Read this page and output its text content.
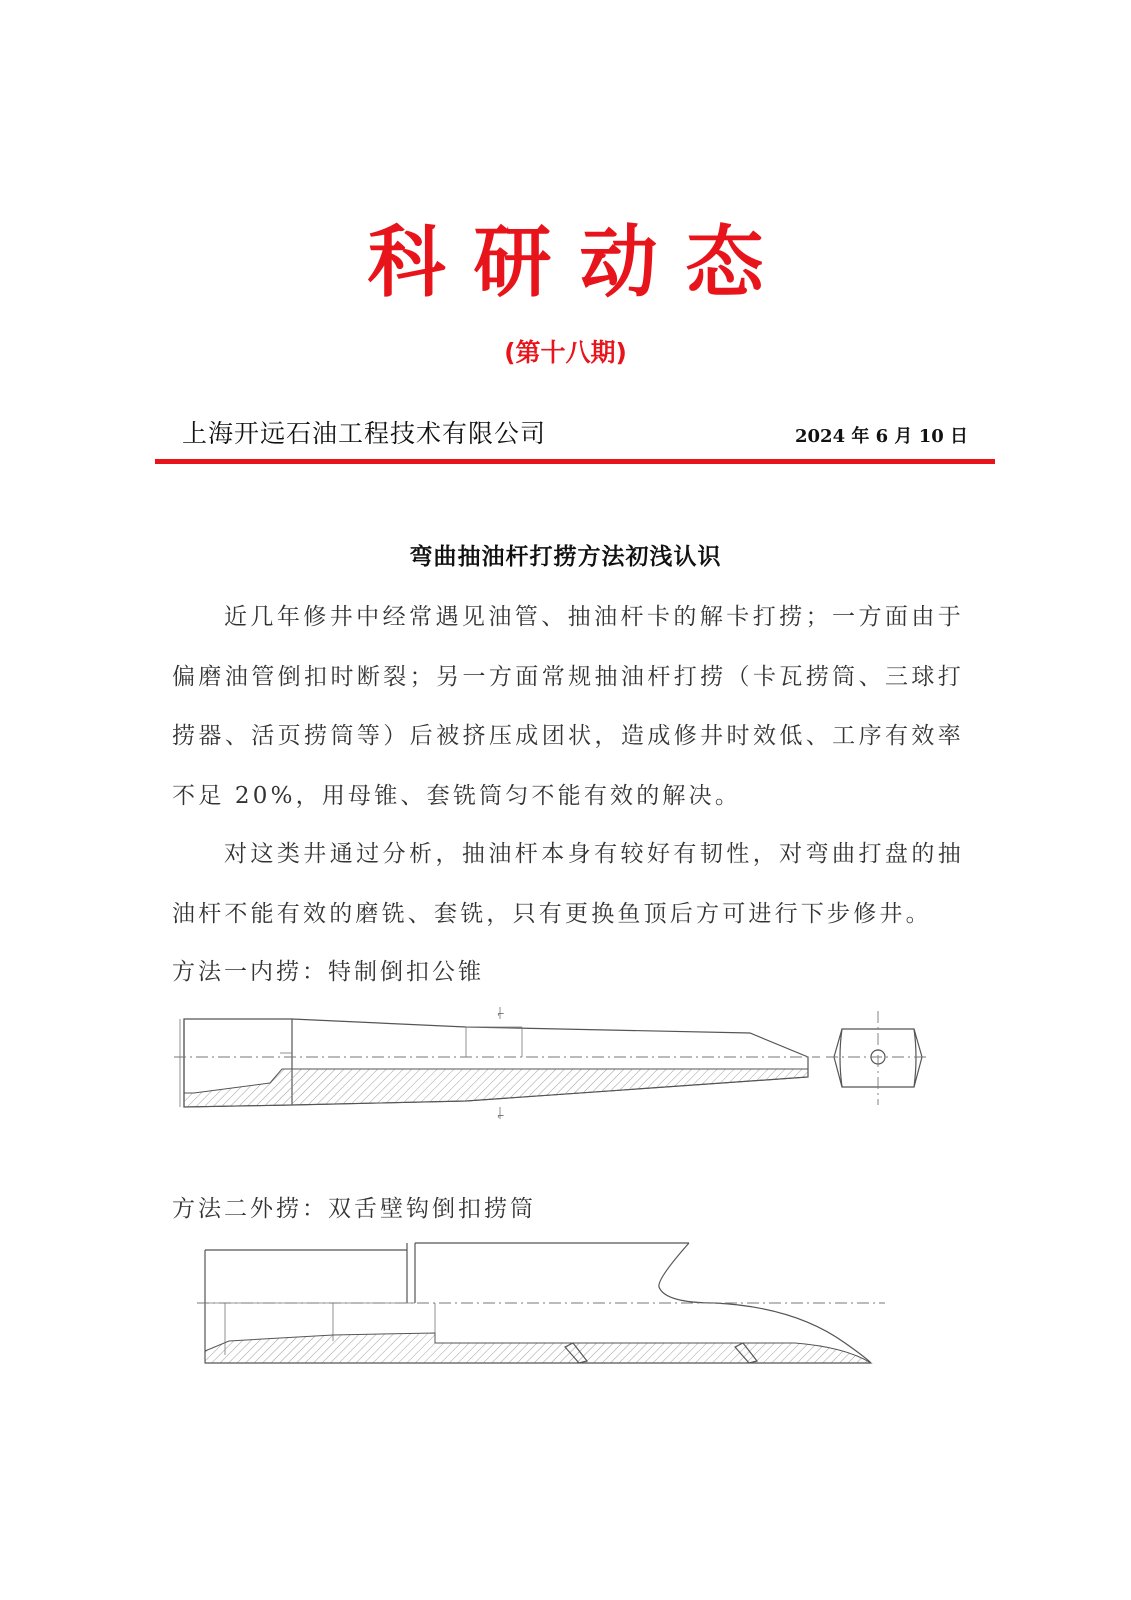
科研动态
(第十八期)
上海开远石油工程技术有限公司	2024 年 6 月 10 日
弯曲抽油杆打捞方法初浅认识

近几年修井中经常遇见油管、抽油杆卡的解卡打捞；一方面由于偏磨油管倒扣时断裂；另一方面常规抽油杆打捞（卡瓦捞筒、三球打捞器、活页捞筒等）后被挤压成团状，造成修井时效低、工序有效率不足 20%，用母锥、套铣筒匀不能有效的解决。

对这类井通过分析，抽油杆本身有较好有韧性，对弯曲打盘的抽油杆不能有效的磨铣、套铣，只有更换鱼顶后方可进行下步修井。

方法一内捞：特制倒扣公锥
⌐
⌐
方法二外捞：双舌壁钩倒扣捞筒
